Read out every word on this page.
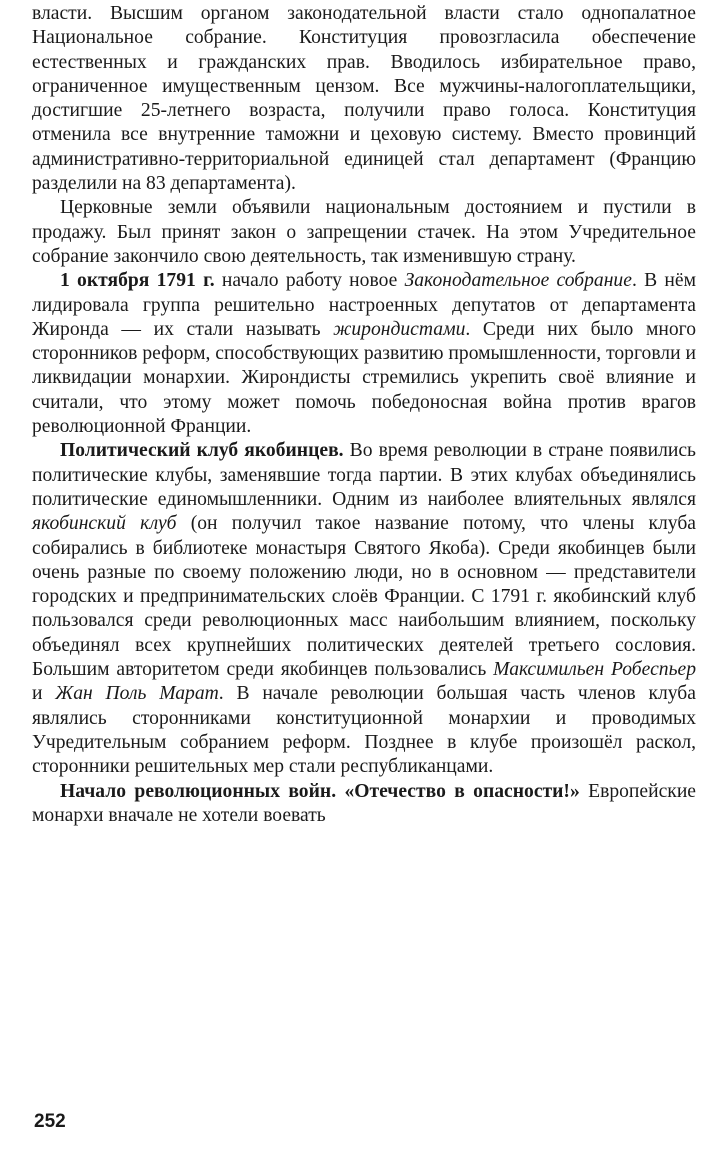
власти. Высшим органом законодательной власти стало однопалатное Национальное собрание. Конституция провозгласила обеспечение естественных и гражданских прав. Вводилось избирательное право, ограниченное имущественным цензом. Все мужчины-налогоплательщики, достигшие 25-летнего возраста, получили право голоса. Конституция отменила все внутренние таможни и цеховую систему. Вместо провинций административно-территориальной единицей стал департамент (Францию разделили на 83 департамента).

Церковные земли объявили национальным достоянием и пустили в продажу. Был принят закон о запрещении стачек. На этом Учредительное собрание закончило свою деятельность, так изменившую страну.

1 октября 1791 г. начало работу новое Законодательное собрание. В нём лидировала группа решительно настроенных депутатов от департамента Жиронда — их стали называть жирондистами. Среди них было много сторонников реформ, способствующих развитию промышленности, торговли и ликвидации монархии. Жирондисты стремились укрепить своё влияние и считали, что этому может помочь победоносная война против врагов революционной Франции.

Политический клуб якобинцев. Во время революции в стране появились политические клубы, заменявшие тогда партии. В этих клубах объединялись политические единомышленники. Одним из наиболее влиятельных являлся якобинский клуб (он получил такое название потому, что члены клуба собирались в библиотеке монастыря Святого Якоба). Среди якобинцев были очень разные по своему положению люди, но в основном — представители городских и предпринимательских слоёв Франции. С 1791 г. якобинский клуб пользовался среди революционных масс наибольшим влиянием, поскольку объединял всех крупнейших политических деятелей третьего сословия. Большим авторитетом среди якобинцев пользовались Максимильен Робеспьер и Жан Поль Марат. В начале революции большая часть членов клуба являлись сторонниками конституционной монархии и проводимых Учредительным собранием реформ. Позднее в клубе произошёл раскол, сторонники решительных мер стали республиканцами.

Начало революционных войн. «Отечество в опасности!» Европейские монархи вначале не хотели воевать

252
